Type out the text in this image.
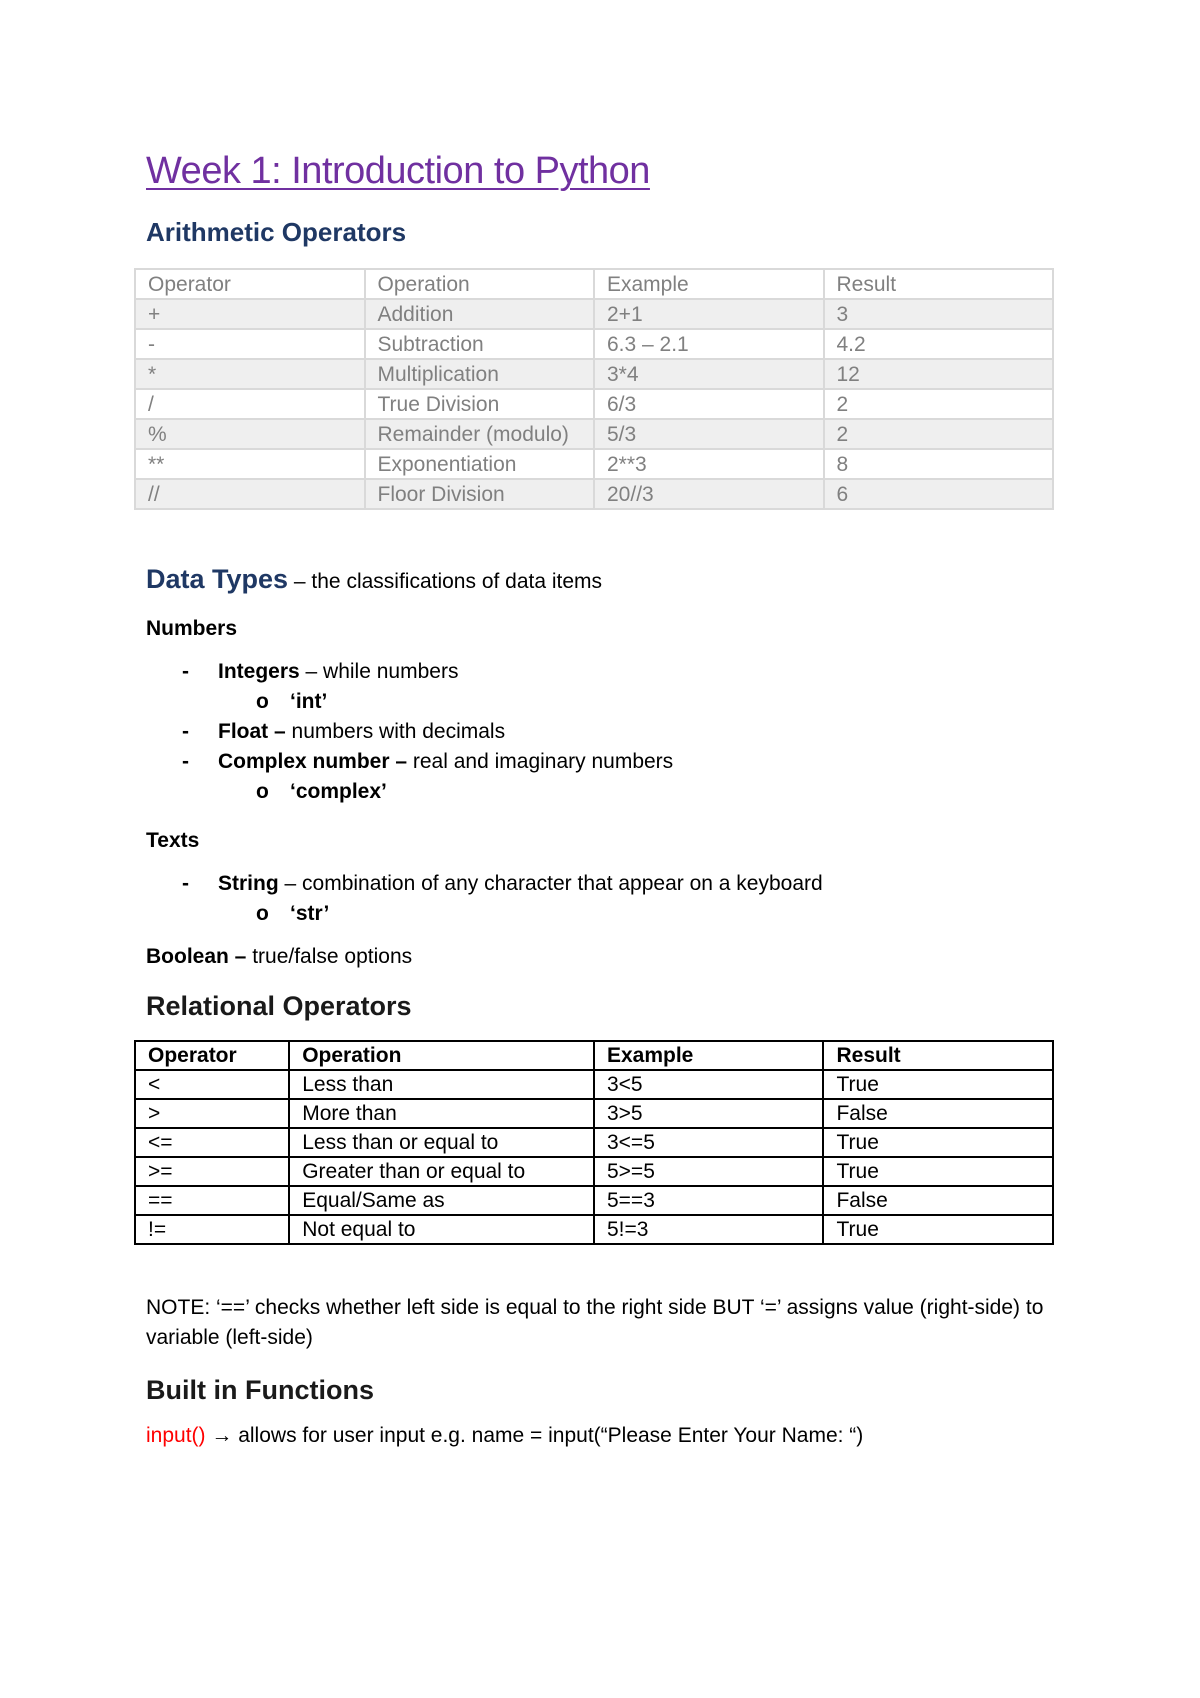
Week 1: Introduction to Python
Arithmetic Operators
Operator	Operation	Example	Result
+	Addition	2+1	3
-	Subtraction	6.3 – 2.1	4.2
*	Multiplication	3*4	12
/	True Division	6/3	2
%	Remainder (modulo)	5/3	2
**	Exponentiation	2**3	8
//	Floor Division	20//3	6
Data Types – the classifications of data items
Numbers
- Integers – while numbers
o ‘int’
- Float – numbers with decimals
- Complex number – real and imaginary numbers
o ‘complex’
Texts
- String – combination of any character that appear on a keyboard
o ‘str’
Boolean – true/false options
Relational Operators
Operator	Operation	Example	Result
<	Less than	3<5	True
>	More than	3>5	False
<=	Less than or equal to	3<=5	True
>=	Greater than or equal to	5>=5	True
==	Equal/Same as	5==3	False
!=	Not equal to	5!=3	True

NOTE: ‘==’ checks whether left side is equal to the right side BUT ‘=’ assigns value (right-side) to variable (left-side)

Built in Functions
input() → allows for user input e.g. name = input(“Please Enter Your Name: “)
